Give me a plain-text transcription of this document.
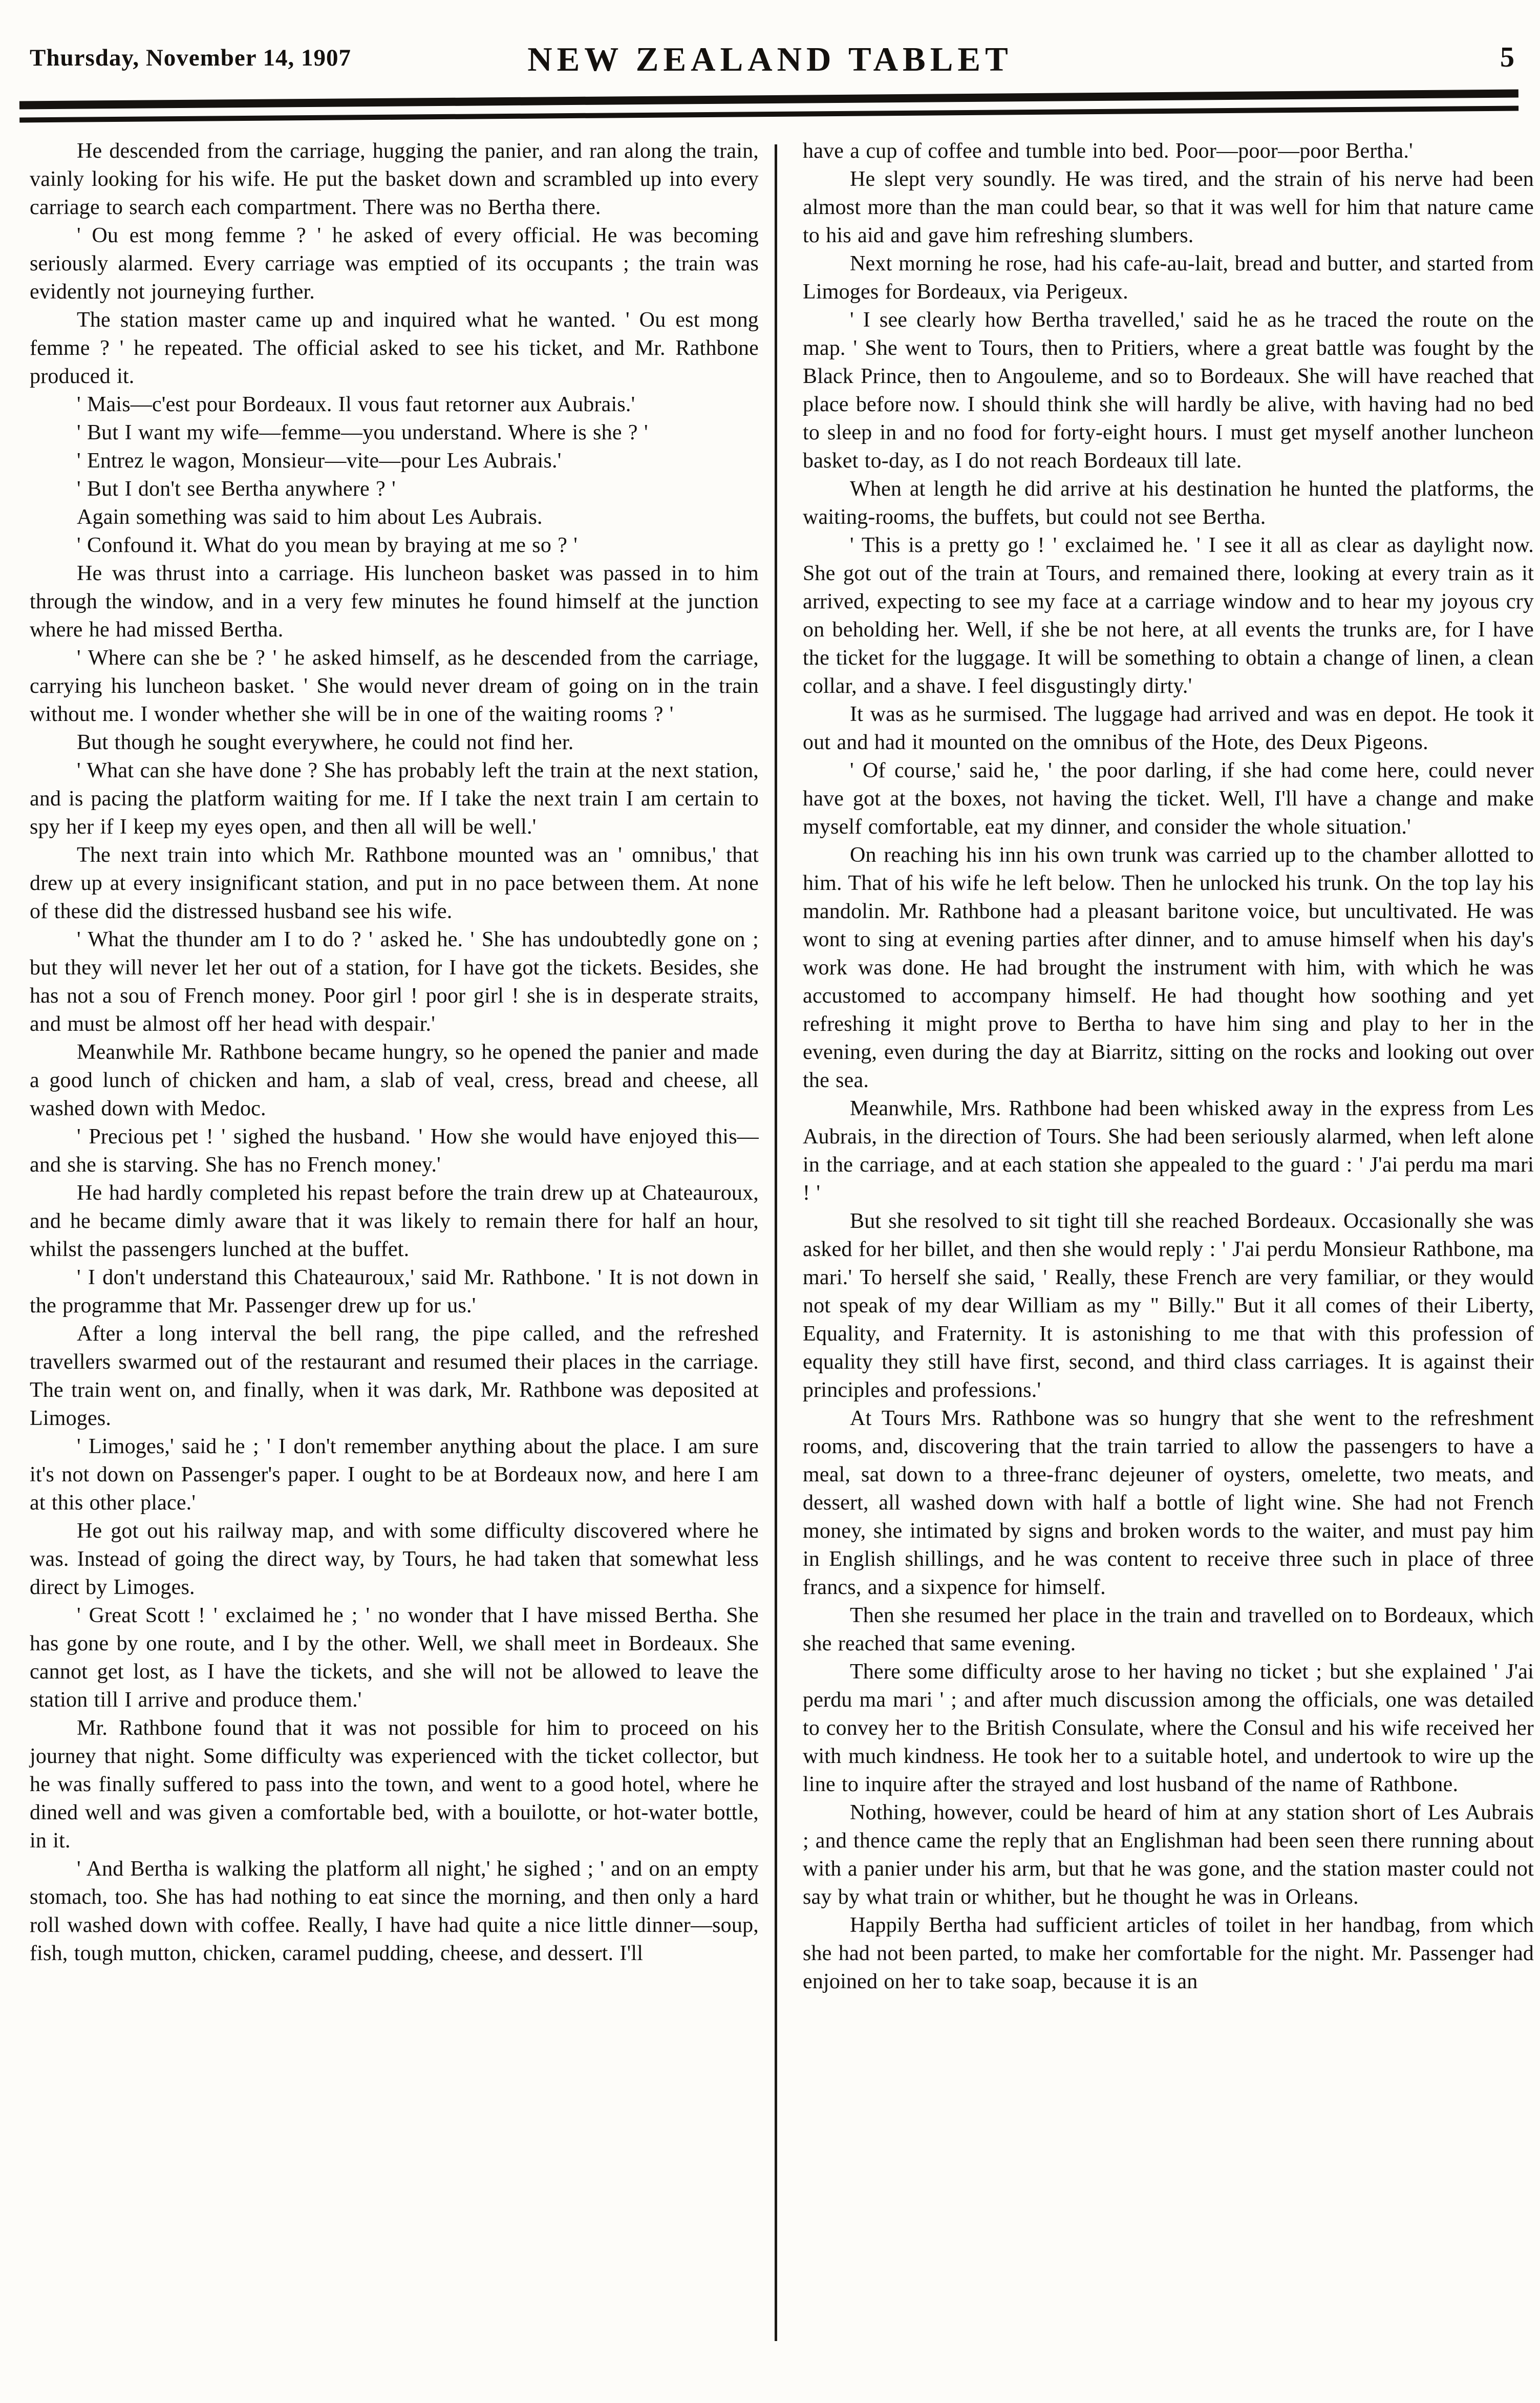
Thursday, November 14, 1907	NEW ZEALAND TABLET	5

He descended from the carriage, hugging the panier, and ran along the train, vainly looking for his wife. He put the basket down and scrambled up into every carriage to search each compartment. There was no Bertha there.

' Ou est mong femme ? ' he asked of every official. He was becoming seriously alarmed. Every carriage was emptied of its occupants ; the train was evidently not journeying further.

The station master came up and inquired what he wanted. ' Ou est mong femme ? ' he repeated. The official asked to see his ticket, and Mr. Rathbone produced it.

' Mais—c'est pour Bordeaux. Il vous faut retorner aux Aubrais.'

' But I want my wife—femme—you understand. Where is she ? '

' Entrez le wagon, Monsieur—vite—pour Les Aubrais.'

' But I don't see Bertha anywhere ? '

Again something was said to him about Les Aubrais.

' Confound it. What do you mean by braying at me so ? '

He was thrust into a carriage. His luncheon basket was passed in to him through the window, and in a very few minutes he found himself at the junction where he had missed Bertha.

' Where can she be ? ' he asked himself, as he descended from the carriage, carrying his luncheon basket. ' She would never dream of going on in the train without me. I wonder whether she will be in one of the waiting rooms ? '

But though he sought everywhere, he could not find her.

' What can she have done ? She has probably left the train at the next station, and is pacing the platform waiting for me. If I take the next train I am certain to spy her if I keep my eyes open, and then all will be well.'

The next train into which Mr. Rathbone mounted was an ' omnibus,' that drew up at every insignificant station, and put in no pace between them. At none of these did the distressed husband see his wife.

' What the thunder am I to do ? ' asked he. ' She has undoubtedly gone on ; but they will never let her out of a station, for I have got the tickets. Besides, she has not a sou of French money. Poor girl ! poor girl ! she is in desperate straits, and must be almost off her head with despair.'

Meanwhile Mr. Rathbone became hungry, so he opened the panier and made a good lunch of chicken and ham, a slab of veal, cress, bread and cheese, all washed down with Medoc.

' Precious pet ! ' sighed the husband. ' How she would have enjoyed this—and she is starving. She has no French money.'

He had hardly completed his repast before the train drew up at Chateauroux, and he became dimly aware that it was likely to remain there for half an hour, whilst the passengers lunched at the buffet.

' I don't understand this Chateauroux,' said Mr. Rathbone. ' It is not down in the programme that Mr. Passenger drew up for us.'

After a long interval the bell rang, the pipe called, and the refreshed travellers swarmed out of the restaurant and resumed their places in the carriage. The train went on, and finally, when it was dark, Mr. Rathbone was deposited at Limoges.

' Limoges,' said he ; ' I don't remember anything about the place. I am sure it's not down on Passenger's paper. I ought to be at Bordeaux now, and here I am at this other place.'

He got out his railway map, and with some difficulty discovered where he was. Instead of going the direct way, by Tours, he had taken that somewhat less direct by Limoges.

' Great Scott ! ' exclaimed he ; ' no wonder that I have missed Bertha. She has gone by one route, and I by the other. Well, we shall meet in Bordeaux. She cannot get lost, as I have the tickets, and she will not be allowed to leave the station till I arrive and produce them.'

Mr. Rathbone found that it was not possible for him to proceed on his journey that night. Some difficulty was experienced with the ticket collector, but he was finally suffered to pass into the town, and went to a good hotel, where he dined well and was given a comfortable bed, with a bouilotte, or hot-water bottle, in it.

' And Bertha is walking the platform all night,' he sighed ; ' and on an empty stomach, too. She has had nothing to eat since the morning, and then only a hard roll washed down with coffee. Really, I have had quite a nice little dinner—soup, fish, tough mutton, chicken, caramel pudding, cheese, and dessert. I'll

have a cup of coffee and tumble into bed. Poor—poor—poor Bertha.'

He slept very soundly. He was tired, and the strain of his nerve had been almost more than the man could bear, so that it was well for him that nature came to his aid and gave him refreshing slumbers.

Next morning he rose, had his cafe-au-lait, bread and butter, and started from Limoges for Bordeaux, via Perigeux.

' I see clearly how Bertha travelled,' said he as he traced the route on the map. ' She went to Tours, then to Pritiers, where a great battle was fought by the Black Prince, then to Angouleme, and so to Bordeaux. She will have reached that place before now. I should think she will hardly be alive, with having had no bed to sleep in and no food for forty-eight hours. I must get myself another luncheon basket to-day, as I do not reach Bordeaux till late.

When at length he did arrive at his destination he hunted the platforms, the waiting-rooms, the buffets, but could not see Bertha.

' This is a pretty go ! ' exclaimed he. ' I see it all as clear as daylight now. She got out of the train at Tours, and remained there, looking at every train as it arrived, expecting to see my face at a carriage window and to hear my joyous cry on beholding her. Well, if she be not here, at all events the trunks are, for I have the ticket for the luggage. It will be something to obtain a change of linen, a clean collar, and a shave. I feel disgustingly dirty.'

It was as he surmised. The luggage had arrived and was en depot. He took it out and had it mounted on the omnibus of the Hote, des Deux Pigeons.

' Of course,' said he, ' the poor darling, if she had come here, could never have got at the boxes, not having the ticket. Well, I'll have a change and make myself comfortable, eat my dinner, and consider the whole situation.'

On reaching his inn his own trunk was carried up to the chamber allotted to him. That of his wife he left below. Then he unlocked his trunk. On the top lay his mandolin. Mr. Rathbone had a pleasant baritone voice, but uncultivated. He was wont to sing at evening parties after dinner, and to amuse himself when his day's work was done. He had brought the instrument with him, with which he was accustomed to accompany himself. He had thought how soothing and yet refreshing it might prove to Bertha to have him sing and play to her in the evening, even during the day at Biarritz, sitting on the rocks and looking out over the sea.

Meanwhile, Mrs. Rathbone had been whisked away in the express from Les Aubrais, in the direction of Tours. She had been seriously alarmed, when left alone in the carriage, and at each station she appealed to the guard : ' J'ai perdu ma mari ! '

But she resolved to sit tight till she reached Bordeaux. Occasionally she was asked for her billet, and then she would reply : ' J'ai perdu Monsieur Rathbone, ma mari.' To herself she said, ' Really, these French are very familiar, or they would not speak of my dear William as my " Billy." But it all comes of their Liberty, Equality, and Fraternity. It is astonishing to me that with this profession of equality they still have first, second, and third class carriages. It is against their principles and professions.'

At Tours Mrs. Rathbone was so hungry that she went to the refreshment rooms, and, discovering that the train tarried to allow the passengers to have a meal, sat down to a three-franc dejeuner of oysters, omelette, two meats, and dessert, all washed down with half a bottle of light wine. She had not French money, she intimated by signs and broken words to the waiter, and must pay him in English shillings, and he was content to receive three such in place of three francs, and a sixpence for himself.

Then she resumed her place in the train and travelled on to Bordeaux, which she reached that same evening.

There some difficulty arose to her having no ticket ; but she explained ' J'ai perdu ma mari ' ; and after much discussion among the officials, one was detailed to convey her to the British Consulate, where the Consul and his wife received her with much kindness. He took her to a suitable hotel, and undertook to wire up the line to inquire after the strayed and lost husband of the name of Rathbone.

Nothing, however, could be heard of him at any station short of Les Aubrais ; and thence came the reply that an Englishman had been seen there running about with a panier under his arm, but that he was gone, and the station master could not say by what train or whither, but he thought he was in Orleans.

Happily Bertha had sufficient articles of toilet in her handbag, from which she had not been parted, to make her comfortable for the night. Mr. Passenger had enjoined on her to take soap, because it is an
